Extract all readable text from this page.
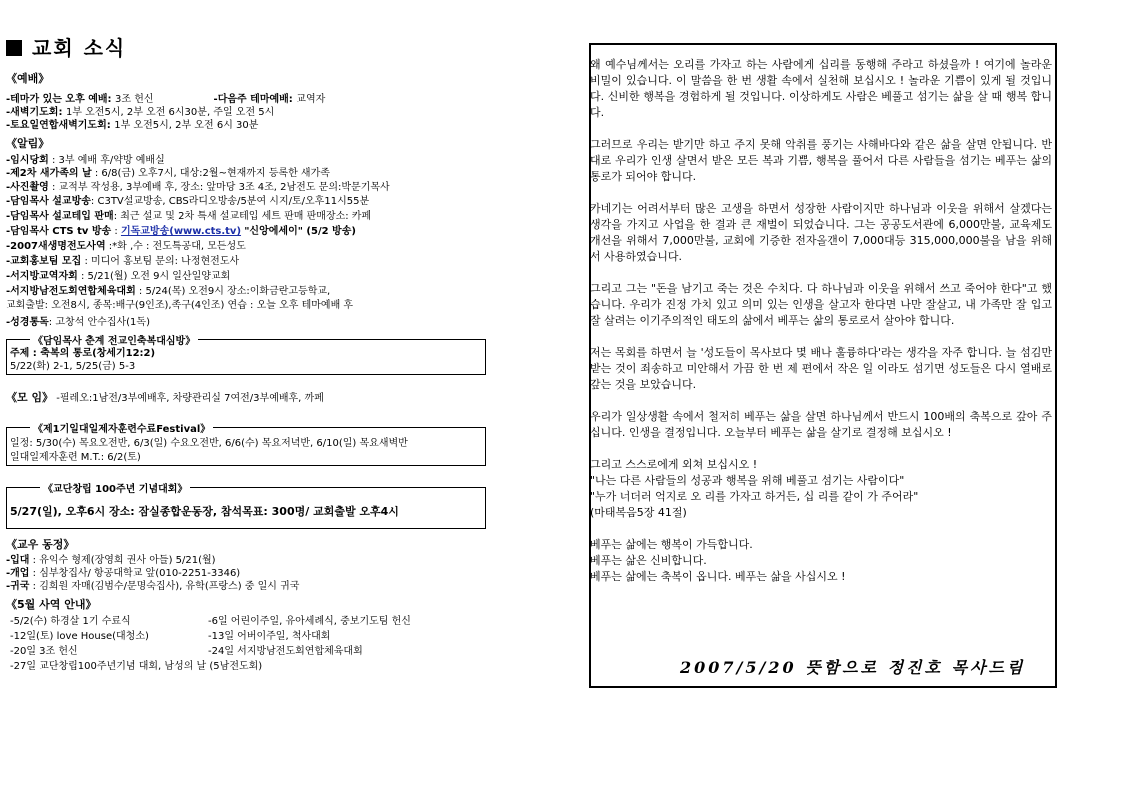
교회 소식
《예배》
-테마가 있는 오후 예배: 3조 헌신	-다음주 테마예배: 교역자
-새벽기도회: 1부 오전5시, 2부 오전 6시30분, 주일 오전 5시
-토요일연합새벽기도회: 1부 오전5시, 2부 오전 6시 30분
《알림》
-임시당회 : 3부 예배 후/약방 예배실
-제2차 새가족의 날 : 6/8(금) 오후7시, 대상:2월~현재까지 등록한 새가족
-사진촬영 : 교적부 작성용, 3부예배 후, 장소: 앞마당 3조 4조, 2남전도 문의:박문기목사
-담임목사 설교방송: C3TV설교방송, CBS라디오방송/5분여 시지/토/오후11시55분
-담임목사 설교테입 판매: 최근 설교 및 2차 특새 설교테입 세트 판매 판매장소: 카페
-담임목사 CTS tv 방송 : 기독교방송(www.cts.tv) "신앙에세이" (5/2 방송)
-2007새생명전도사역 :*화 ,수 : 전도특공대, 모든성도
-교회홍보팀 모집 : 미디어 홍보팀 문의: 나정현전도사
-서지방교역자회 : 5/21(월) 오전 9시 일산일양교회
-서지방남전도회연합체육대회 : 5/24(목) 오전9시 장소:이화금란고등학교,
교회출발: 오전8시, 종목:배구(9인조),족구(4인조) 연습 : 오늘 오후 테마예배 후
-성경통독: 고창석 안수집사(1독)
《담임목사 춘계 전교인축복대심방》
주제 : 축복의 통로(창세기12:2)
5/22(화) 2-1, 5/25(금) 5-3
《모 임》 -필레오:1남전/3부예배후, 차량관리실 7여전/3부예배후, 까페
《제1기일대일제자훈련수료Festival》
일정: 5/30(수) 목요오전반, 6/3(일) 수요오전반, 6/6(수) 목요저녁반, 6/10(일) 목요새벽반
일대일제자훈련 M.T.: 6/2(토)
《교단창립 100주년 기념대회》
5/27(일), 오후6시 장소: 잠실종합운동장, 참석목표: 300명/ 교회출발 오후4시
《교우 동정》
-입대 : 유익수 형제(장영희 권사 아들) 5/21(월)
-개업 : 심부창집사/ 항공대학교 앞(010-2251-3346)
-귀국 : 김희원 자매(김범수/문명숙집사), 유학(프랑스) 중 일시 귀국
《5월 사역 안내》
-5/2(수) 하경살 1기 수료식
-12일(토) love House(대청소)
-20일 3조 헌신
-27일 교단창립100주년기념 대회, 남성의 날 (5남전도회)
-6일 어린이주일, 유아세례식, 중보기도팀 헌신
-13일 어버이주일, 척사대회
-24일 서지방남전도회연합체육대회

왜 예수님께서는 오리를 가자고 하는 사람에게 십리를 동행해 주라고 하셨을까 ! 여기에 놀라운 비밀이 있습니다. 이 말씀을 한 번 생활 속에서 실천해 보십시오 ! 놀라운 기쁨이 있게 될 것입니다. 신비한 행복을 경험하게 될 것입니다. 이상하게도 사람은 베풀고 섬기는 삶을 살 때 행복 합니다.

그러므로 우리는 받기만 하고 주지 못해 악취를 풍기는 사해바다와 같은 삶을 살면 안됩니다. 반대로 우리가 인생 살면서 받은 모든 복과 기쁨, 행복을 풀어서 다른 사람들을 섬기는 베푸는 삶의 통로가 되어야 합니다.

카네기는 어려서부터 많은 고생을 하면서 성장한 사람이지만 하나님과 이웃을 위해서 살겠다는 생각을 가지고 사업을 한 결과 큰 재벌이 되었습니다. 그는 공공도서관에 6,000만불, 교육제도 개선을 위해서 7,000만불, 교회에 기증한 전자올갠이 7,000대등 315,000,000불을 남을 위해서 사용하였습니다.

그리고 그는 "돈을 남기고 죽는 것은 수치다. 다 하나님과 이웃을 위해서 쓰고 죽어야 한다"고 했습니다. 우리가 진정 가치 있고 의미 있는 인생을 살고자 한다면 나만 잘살고, 내 가족만 잘 입고 잘 살려는 이기주의적인 태도의 삶에서 베푸는 삶의 통로로서 살아야 합니다.

저는 목회를 하면서 늘 '성도들이 목사보다 몇 배나 훌륭하다'라는 생각을 자주 합니다. 늘 섬김만 받는 것이 죄송하고 미안해서 가끔 한 번 제 편에서 작은 일 이라도 섬기면 성도들은 다시 열배로 갚는 것을 보았습니다.

우리가 일상생활 속에서 철저히 베푸는 삶을 살면 하나님께서 반드시 100배의 축복으로 갚아 주십니다. 인생을 결정입니다. 오늘부터 베푸는 삶을 살기로 결정해 보십시오 !

그리고 스스로에게 외쳐 보십시오 !
"나는 다른 사람들의 성공과 행복을 위해 베풀고 섬기는 사람이다"
"누가 너더러 억지로 오 리를 가자고 하거든, 십 리를 같이 가 주어라"
(마태복음5장 41절)

베푸는 삶에는 행복이 가득합니다.
베푸는 삶은 신비합니다.
베푸는 삶에는 축복이 옵니다. 베푸는 삶을 사십시오 !

2007/5/20 뜻함으로 정진호 목사드림
